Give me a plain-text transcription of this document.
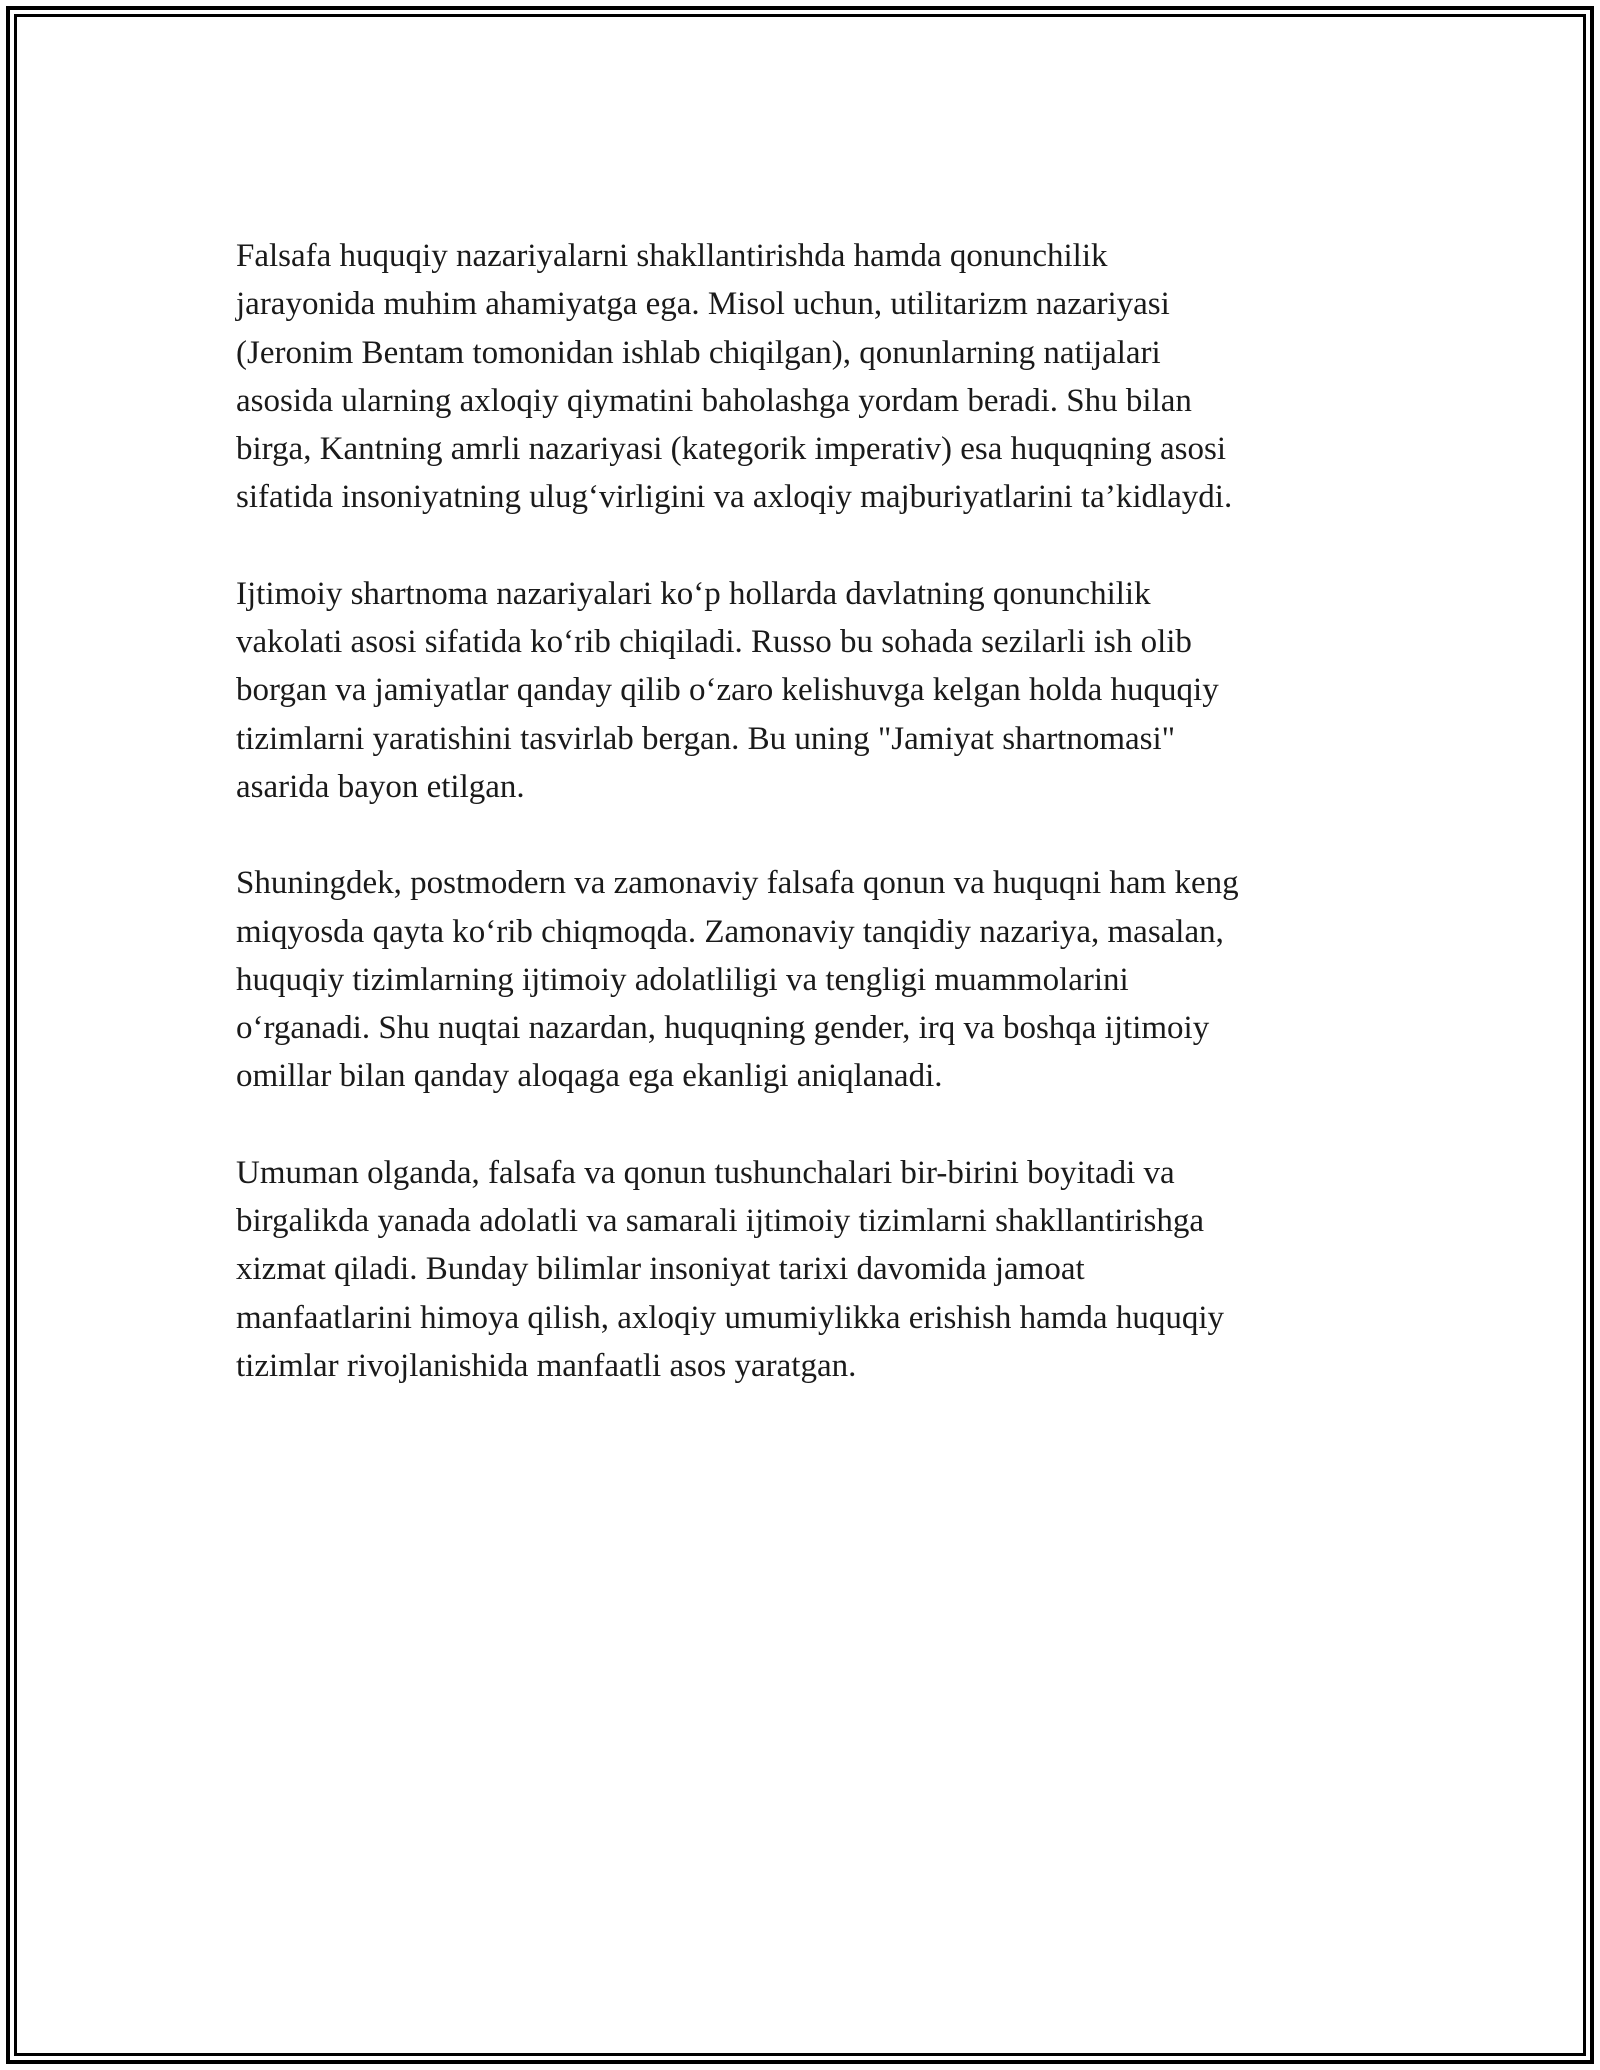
Falsafa huquqiy nazariyalarni shakllantirishda hamda qonunchilik
jarayonida muhim ahamiyatga ega. Misol uchun, utilitarizm nazariyasi
(Jeronim Bentam tomonidan ishlab chiqilgan), qonunlarning natijalari
asosida ularning axloqiy qiymatini baholashga yordam beradi. Shu bilan
birga, Kantning amrli nazariyasi (kategorik imperativ) esa huquqning asosi
sifatida insoniyatning ulug‘virligini va axloqiy majburiyatlarini ta’kidlaydi.

Ijtimoiy shartnoma nazariyalari ko‘p hollarda davlatning qonunchilik
vakolati asosi sifatida ko‘rib chiqiladi. Russo bu sohada sezilarli ish olib
borgan va jamiyatlar qanday qilib o‘zaro kelishuvga kelgan holda huquqiy
tizimlarni yaratishini tasvirlab bergan. Bu uning "Jamiyat shartnomasi"
asarida bayon etilgan.

Shuningdek, postmodern va zamonaviy falsafa qonun va huquqni ham keng
miqyosda qayta ko‘rib chiqmoqda. Zamonaviy tanqidiy nazariya, masalan,
huquqiy tizimlarning ijtimoiy adolatliligi va tengligi muammolarini
o‘rganadi. Shu nuqtai nazardan, huquqning gender, irq va boshqa ijtimoiy
omillar bilan qanday aloqaga ega ekanligi aniqlanadi.

Umuman olganda, falsafa va qonun tushunchalari bir-birini boyitadi va
birgalikda yanada adolatli va samarali ijtimoiy tizimlarni shakllantirishga
xizmat qiladi. Bunday bilimlar insoniyat tarixi davomida jamoat
manfaatlarini himoya qilish, axloqiy umumiylikka erishish hamda huquqiy
tizimlar rivojlanishida manfaatli asos yaratgan.
